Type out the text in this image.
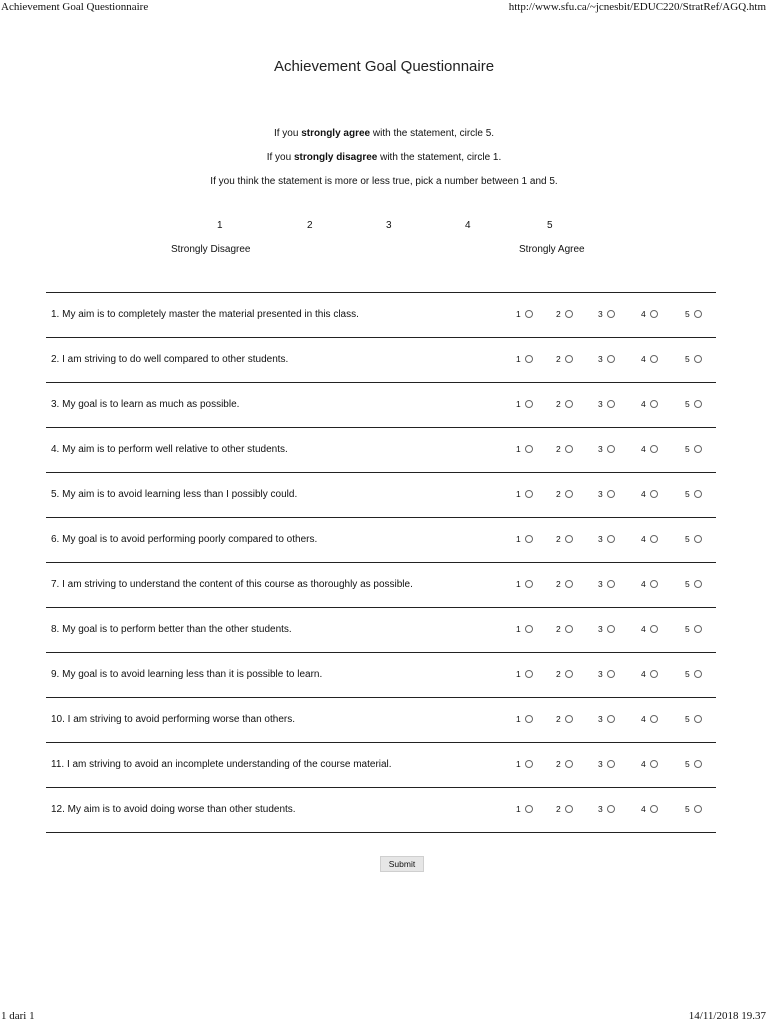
Achievement Goal Questionnaire	http://www.sfu.ca/~jcnesbit/EDUC220/StratRef/AGQ.htm
Achievement Goal Questionnaire
If you strongly agree with the statement, circle 5.
If you strongly disagree with the statement, circle 1.
If you think the statement is more or less true, pick a number between 1 and 5.
1	2	3	4	5
Strongly Disagree	Strongly Agree
1. My aim is to completely master the material presented in this class.	1	2	3	4	5
2. I am striving to do well compared to other students.	1	2	3	4	5
3. My goal is to learn as much as possible.	1	2	3	4	5
4. My aim is to perform well relative to other students.	1	2	3	4	5
5. My aim is to avoid learning less than I possibly could.	1	2	3	4	5
6. My goal is to avoid performing poorly compared to others.	1	2	3	4	5
7. I am striving to understand the content of this course as thoroughly as possible.	1	2	3	4	5
8. My goal is to perform better than the other students.	1	2	3	4	5
9. My goal is to avoid learning less than it is possible to learn.	1	2	3	4	5
10. I am striving to avoid performing worse than others.	1	2	3	4	5
11. I am striving to avoid an incomplete understanding of the course material.	1	2	3	4	5
12. My aim is to avoid doing worse than other students.	1	2	3	4	5
Submit
1 dari 1	14/11/2018 19.37
